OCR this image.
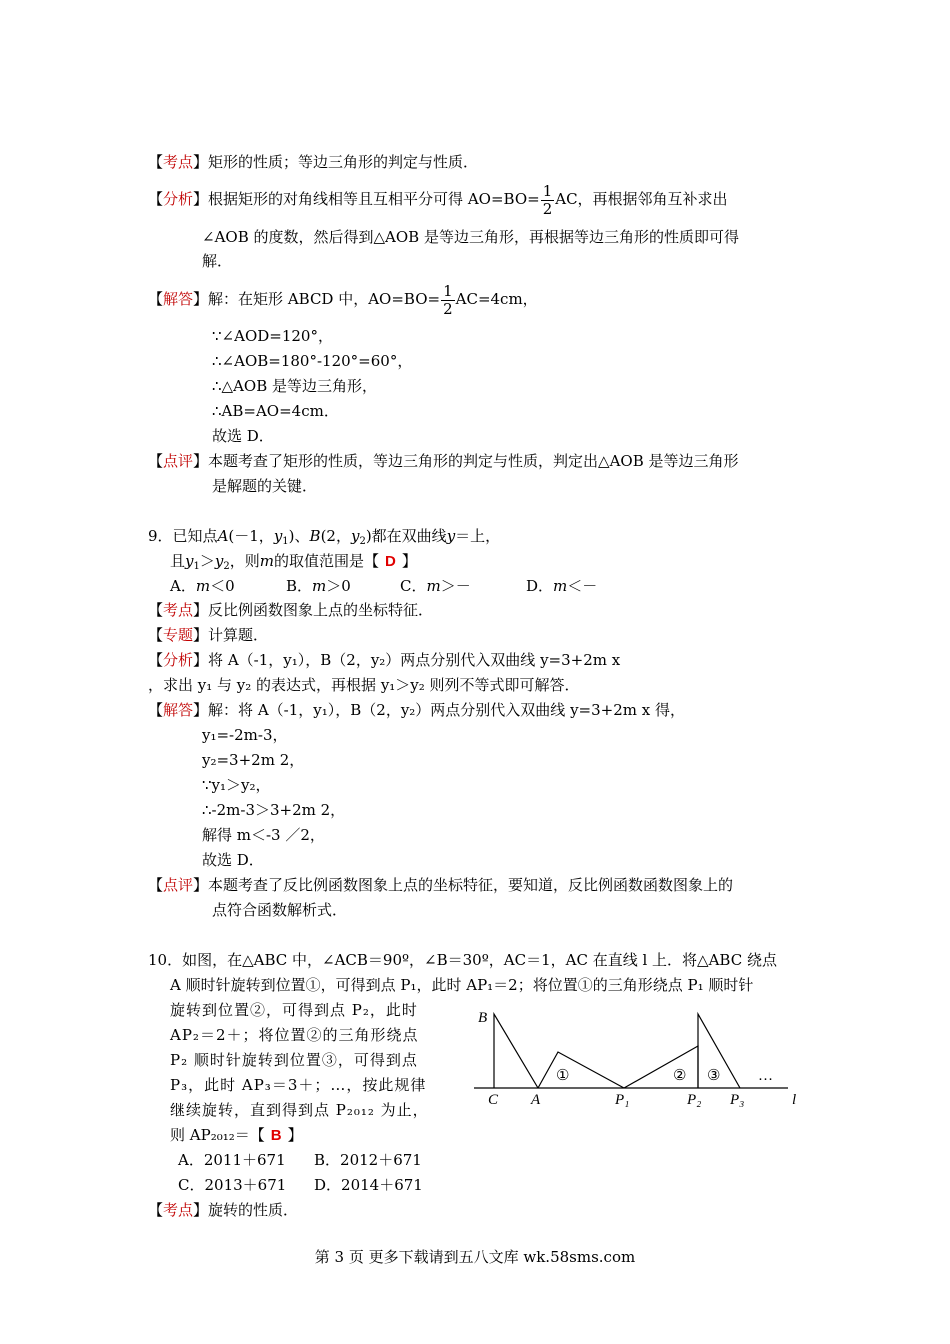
【考点】矩形的性质；等边三角形的判定与性质．
【分析】根据矩形的对角线相等且互相平分可得 $AO=BO= \frac{1}{2}$ AC，再根据邻角互补求出
∠AOB 的度数，然后得到△AOB 是等边三角形，再根据等边三角形的性质即可得
解．
【解答】解：在矩形 ABCD 中，$AO=BO= \frac{1}{2} AC=4cm$，
∵∠AOD=120°，
∴∠AOB=180°-120°=60°，
∴△AOB 是等边三角形，
∴AB=AO=4cm．
故选 D．
【点评】本题考查了矩形的性质，等边三角形的判定与性质，判定出△AOB 是等边三角形
是解题的关键．
9．已知点A(－1，$y_1$)、B(2，$y_2$)都在双曲线y＝上，
且$y_1>y_2$，则m的取值范围是【 D 】
A．m＜0	B．m＞0	C．m＞－	D．m＜－
【考点】反比例函数图象上点的坐标特征．
【专题】计算题．
【分析】将 A（-1，y₁），B（2，y₂）两点分别代入双曲线 y=3+2m x
，求出 y₁ 与 y₂ 的表达式，再根据 y₁＞y₂ 则列不等式即可解答．
【解答】解：将 A（-1，y₁），B（2，y₂）两点分别代入双曲线 y=3+2m x 得，
y₁=-2m-3，
y₂=3+2m 2，
∵y₁＞y₂，
∴-2m-3＞3+2m 2，
解得 m＜-3 ／2，
故选 D．
【点评】本题考查了反比例函数图象上点的坐标特征，要知道，反比例函数函数图象上的
点符合函数解析式．
10．如图，在△ABC 中，∠ACB＝90º，∠B＝30º，AC＝1，AC 在直线 l 上．将△ABC 绕点
A 顺时针旋转到位置①，可得到点 P₁，此时 AP₁＝2；将位置①的三角形绕点 P₁ 顺时针
旋转到位置②，可得到点 P₂，此时
AP₂＝2＋；将位置②的三角形绕点
P₂ 顺时针旋转到位置③，可得到点
P₃，此时 AP₃＝3＋；…，按此规律
继续旋转，直到得到点 P₂₀₁₂ 为止，
则 AP₂₀₁₂＝【 B 】
A．2011＋671 B．2012＋671
C．2013＋671 D．2014＋671
【考点】旋转的性质．
B
C A	P₁	P₂ P₃	l
①	② ③	…
第 3 页 更多下载请到五八文库 wk.58sms.com
